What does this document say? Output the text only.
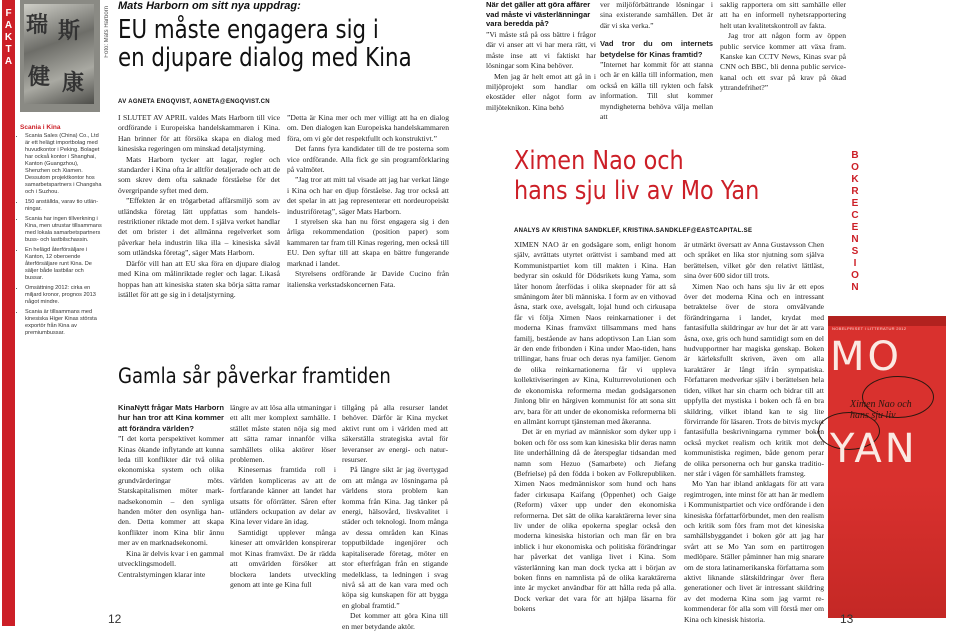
F
A
K
T
A
瑞 斯
健 康
Foto: Mats Harborn
Scania i Kina
• Scania Sales (China) Co., Ltd är ett helägt importbolag med huvudkontor i Peking. Bolaget har också kontor i Shanghai, Kanton (Guangzhou), Shenzhen och Xiamen. Dessutom projektkontor hos samarbetspartners i Changsha och i Suzhou.
• 150 anställda, varav tio utlänningar.
• Scania har ingen tillverkning i Kina, men utrustar tillsammans med lokala samarbetspartners buss- och lastbilschassin.
• En helägd återförsäljare i Kanton, 12 oberoende återförsäljare runt Kina. De säljer både lastbilar och bussar.
• Omsättning 2012: cirka en miljard kronor, prognos 2013 något mindre.
• Scania är tillsammans med kinesiska Higer Kinas största exportör från Kina av premiumbussar.
Mats Harborn om sitt nya uppdrag:
EU måste engagera sig i
en djupare dialog med Kina
AV AGNETA ENGQVIST, AGNETA@ENGQVIST.CN

I SLUTET AV APRIL valdes Mats Harborn till vice ordförande i Europeiska handelskammaren i Kina. Han brinner för att försöka skapa en dialog med kinesiska regeringen om minskad detaljstyrning.

Mats Harborn tycker att lagar, regler och standarder i Kina ofta är alltför detaljerade och att de som skrev dem ofta saknade förståelse för det övergripande syftet med dem.

”Effekten är en trögarbetad affärsmiljö som av utländska företag lätt uppfattas som handelsrestriktioner riktade mot dem. I själva verket handlar det om brister i det allmänna regelverket som påverkar hela industrin lika illa – kinesiska såväl som utländska företag”, säger Mats Harborn.

Därför vill han att EU ska föra en djupare dialog med Kina om målinriktade regler och lagar. Likaså hoppas han att kinesiska staten ska börja sätta ramar istället för att ge sig in i detaljstyrning.

”Detta är Kina mer och mer villigt att ha en dialog om. Den dialogen kan Europeiska handelskammaren föra, om vi gör det respektfullt och konstruktivt.”

Det fanns fyra kandidater till de tre posterna som vice ordförande. Alla fick ge sin programförklaring på valmötet.

”Jag tror att mitt tal visade att jag har verkat länge i Kina och har en djup förståelse. Jag tror också att det spelar in att jag representerar ett nordeuropeiskt industriföretag”, säger Mats Harborn.

I styrelsen ska han nu först engagera sig i den årliga rekommendation (position paper) som kammaren tar fram till Kinas regering, men också till EU. Den syftar till att skapa en bättre fungerande marknad i landet.

Styrelsens ordförande är Davide Cucino från italienska verkstadskoncernen Fata.

Gamla sår påverkar framtiden

KinaNytt frågar Mats Harborn hur han tror att Kina kommer att förändra världen?

”I det korta perspektivet kommer Kinas ökande inflytande att kunna leda till konflikter där två olika ekonomiska system och olika grundvärderingar möts. Statskapitalismen möter marknadsekonomin – den synliga handen möter den osynliga handen. Detta kommer att skapa konflikter inom Kina blir ännu mer av en marknadsekonomi.

Kina är delvis kvar i en gammal utvecklingsmodell. Centralstyrningen klarar inte

längre av att lösa alla utmaningar i ett allt mer komplext samhälle. I stället måste staten nöja sig med att sätta ramar innanför vilka samhällets olika aktörer löser problemen.

Kinesernas framtida roll i världen kompliceras av att de fortfarande känner att landet har utsatts för oförrätter. Såren efter utländers ockupation av delar av Kina lever vidare än idag.

Samtidigt upplever många kineser att omvärlden konspirerar mot Kinas framväxt. De är rädda att omvärlden försöker att blockera landets utveckling genom att inte ge Kina full

tillgång på alla resurser landet behöver. Därför är Kina mycket aktivt runt om i världen med att säkerställa strategiska avtal för leveranser av energi- och naturresurser.

På längre sikt är jag övertygad om att många av lösningarna på världens stora problem kan komma från Kina. Jag tänker på energi, hälsovård, livskvalitet i städer och teknologi. Inom många av dessa områden kan Kinas topputbildade ingenjörer och kapitaliserade företag, möter en stor efterfrågan från en stigande medelklass, ta ledningen i svag nivå så att de kan vara med och köpa sig kunskapen för att bygga en global framtid.”

Det kommer att göra Kina till en mer betydande aktör.

12
När det gäller att göra affärer vad måste vi västerlänningar vara beredda på?

”Vi måste stå på oss bättre i frågor där vi anser att vi har mera rätt, vi måste inse att vi faktiskt har lösningar som Kina behöver.

Men jag är helt emot att gå in i miljöprojekt som handlar om ekostäder eller något form av miljöteknikon. Kina behö

ver miljöförbättrande lösningar i sina existerande samhällen. Det är där vi ska verka.”

Vad tror du om internets betydelse för Kinas framtid?

”Internet har kommit för att stanna och är en källa till information, men också en källa till rykten och falsk information. Till slut kommer myndigheterna behöva välja mellan att

saklig rapportera om sitt samhälle eller att ha en informell nyhetsrapportering helt utan kvalitetskontroll av fakta.

Jag tror att någon form av öppen public service kommer att växa fram. Kanske kan CCTV News, Kinas svar på CNN och BBC, bli denna public service-kanal och ett svar på krav på ökad yttrandefrihet?”

B
O
K
R
E
C
E
N
S
I
O
N
Ximen Nao och
hans sju liv av Mo Yan
ANALYS AV KRISTINA SANDKLEF, KRISTINA.SANDKLEF@EASTCAPITAL.SE

XIMEN NAO är en godsägare som, enligt honom själv, avrättats utyrtet orättvist i samband med att Kommunistpartiet kom till makten i Kina. Han bedyrar sin oskuld för Dödsrikets kung Yama, som låter honom återfödas i olika skepnader för att så småningom åter bli människa. I form av en vithovad åsna, stark oxe, avelsgalt, lojal hund och cirkusapa får vi följa Ximen Naos reinkarnationer i det moderna Kinas framväxt tillsammans med hans familj, bestående av hans adoptivson Lan Lian som är den ende fribonden i Kina under Mao-tiden, hans trillingar, hans fruar och deras nya familjer. Genom de olika reinkarnationerna får vi uppleva kollektiviseringen av Kina, Kulturrevolutionen och de ekonomiska reformerna medan godsägarsonen Jinlong blir en härgiven kommunist för att sona sitt arv, bara för att under de ekonomiska reformerna bli en allmänt korrupt tjänsteman med åkeranna.

Det är en myriad av människor som dyker upp i boken och för oss som kan kinesiska blir deras namn lite underhållning då de återspeglar tidsandan med namn som Hezuo (Samarbete) och Jiefang (Befrielse) på den födda i boken av Folkrepubliken. Ximen Naos medmänniskor som hund och hans fader cirkusapa Kaifang (Öppenhet) och Gaige (Reform) växer upp under den ekonomiska reformerna. Det sätt de olika karaktärerna lever sina liv under de olika epokerna speglar också den moderna kinesiska historian och man får en bra inblick i hur ekonomiska och politiska förändringar har påverkat det vanliga livet i Kina. Som västerlänning kan man dock tycka att i början av boken finns en namnlista på de olika karaktärerna inte är mycket användbar för att hålla reda på alla. Dock verkar det vara för att hjälpa läsarna för bokens

är utmärkt översatt av Anna Gustavsson Chen och språket en lika stor njutning som själva berättelsen, vilket gör den relativt lättläst, sina över 600 sidor till trots.

Ximen Nao och hans sju liv är ett epos över det moderna Kina och en intressant betraktelse över de stora omvälvande förändringarna i landet, krydat med fantasifulla skildringar av hur det är att vara åsna, oxe, gris och hund samtidigt som en del hudvupportner har magiska genskap. Boken är kärleksfullt skriven, även om alla karaktärer är långt ifrån sympatiska. Författaren medverkar själv i berättelsen hela tiden, vilket har sin charm och bidrar till att uppfylla det mystiska i boken och få en bra skildring, vilket ibland kan te sig lite förvirrande för läsaren. Trots de bitvis mycket fantasifulla beskrivningarna rymmer boken också mycket realism och kritik mot den kommunistiska regimen, både genom perar de olika personerna och hur ganska traditioner står i vägen för samhällets framsteg.

Mo Yan har ibland anklagats för att vara regimtrogen, inte minst för att han är medlem i Kommunistpartiet och vice ordförande i den kinesiska författarförbundet, men den realism och kritik som förs fram mot det kinesiska samhällsbyggandet i boken gör att jag har svårt att se Mo Yan som en partitrogen medlöpare. Ställer påminner han mig snarare om de stora latinamerikanska författarna som aktivt liknande slätskildringar över flera generationer och livet är intressant skildring av det moderna Kina som jag varmt rekommenderar för alla som vill förstå mer om Kina och kinesisk historia.

NOBELPRISET I LITTERATUR 2012
MO
Ximen Nao och
hans sju liv
YAN
13
